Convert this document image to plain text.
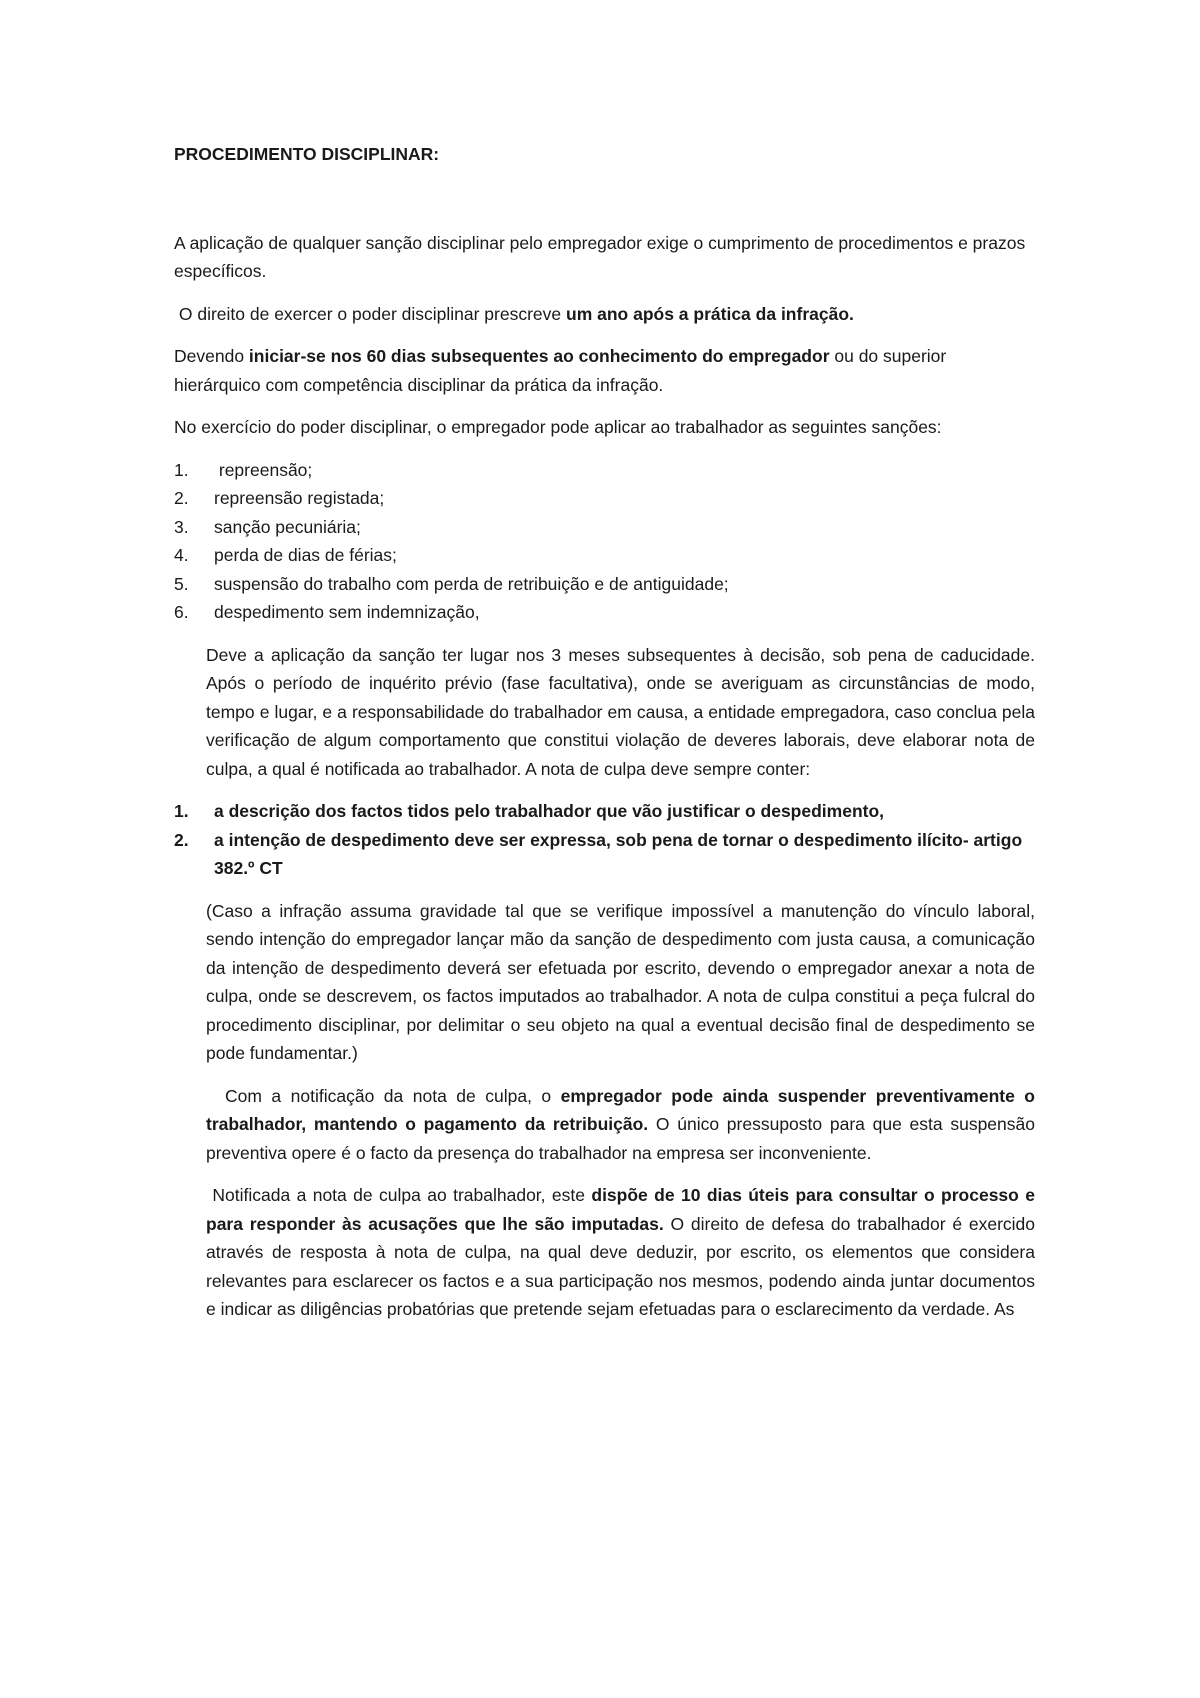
PROCEDIMENTO DISCIPLINAR:

A aplicação de qualquer sanção disciplinar pelo empregador exige o cumprimento de procedimentos e prazos específicos.

O direito de exercer o poder disciplinar prescreve um ano após a prática da infração.

Devendo iniciar-se nos 60 dias subsequentes ao conhecimento do empregador ou do superior hierárquico com competência disciplinar da prática da infração.

No exercício do poder disciplinar, o empregador pode aplicar ao trabalhador as seguintes sanções:

1. repreensão;
2. repreensão registada;
3. sanção pecuniária;
4. perda de dias de férias;
5. suspensão do trabalho com perda de retribuição e de antiguidade;
6. despedimento sem indemnização,

Deve a aplicação da sanção ter lugar nos 3 meses subsequentes à decisão, sob pena de caducidade. Após o período de inquérito prévio (fase facultativa), onde se averiguam as circunstâncias de modo, tempo e lugar, e a responsabilidade do trabalhador em causa, a entidade empregadora, caso conclua pela verificação de algum comportamento que constitui violação de deveres laborais, deve elaborar nota de culpa, a qual é notificada ao trabalhador. A nota de culpa deve sempre conter:

1. a descrição dos factos tidos pelo trabalhador que vão justificar o despedimento,
2. a intenção de despedimento deve ser expressa, sob pena de tornar o despedimento ilícito- artigo 382.º CT

(Caso a infração assuma gravidade tal que se verifique impossível a manutenção do vínculo laboral, sendo intenção do empregador lançar mão da sanção de despedimento com justa causa, a comunicação da intenção de despedimento deverá ser efetuada por escrito, devendo o empregador anexar a nota de culpa, onde se descrevem, os factos imputados ao trabalhador. A nota de culpa constitui a peça fulcral do procedimento disciplinar, por delimitar o seu objeto na qual a eventual decisão final de despedimento se pode fundamentar.)

Com a notificação da nota de culpa, o empregador pode ainda suspender preventivamente o trabalhador, mantendo o pagamento da retribuição. O único pressuposto para que esta suspensão preventiva opere é o facto da presença do trabalhador na empresa ser inconveniente.

Notificada a nota de culpa ao trabalhador, este dispõe de 10 dias úteis para consultar o processo e para responder às acusações que lhe são imputadas. O direito de defesa do trabalhador é exercido através de resposta à nota de culpa, na qual deve deduzir, por escrito, os elementos que considera relevantes para esclarecer os factos e a sua participação nos mesmos, podendo ainda juntar documentos e indicar as diligências probatórias que pretende sejam efetuadas para o esclarecimento da verdade. As
